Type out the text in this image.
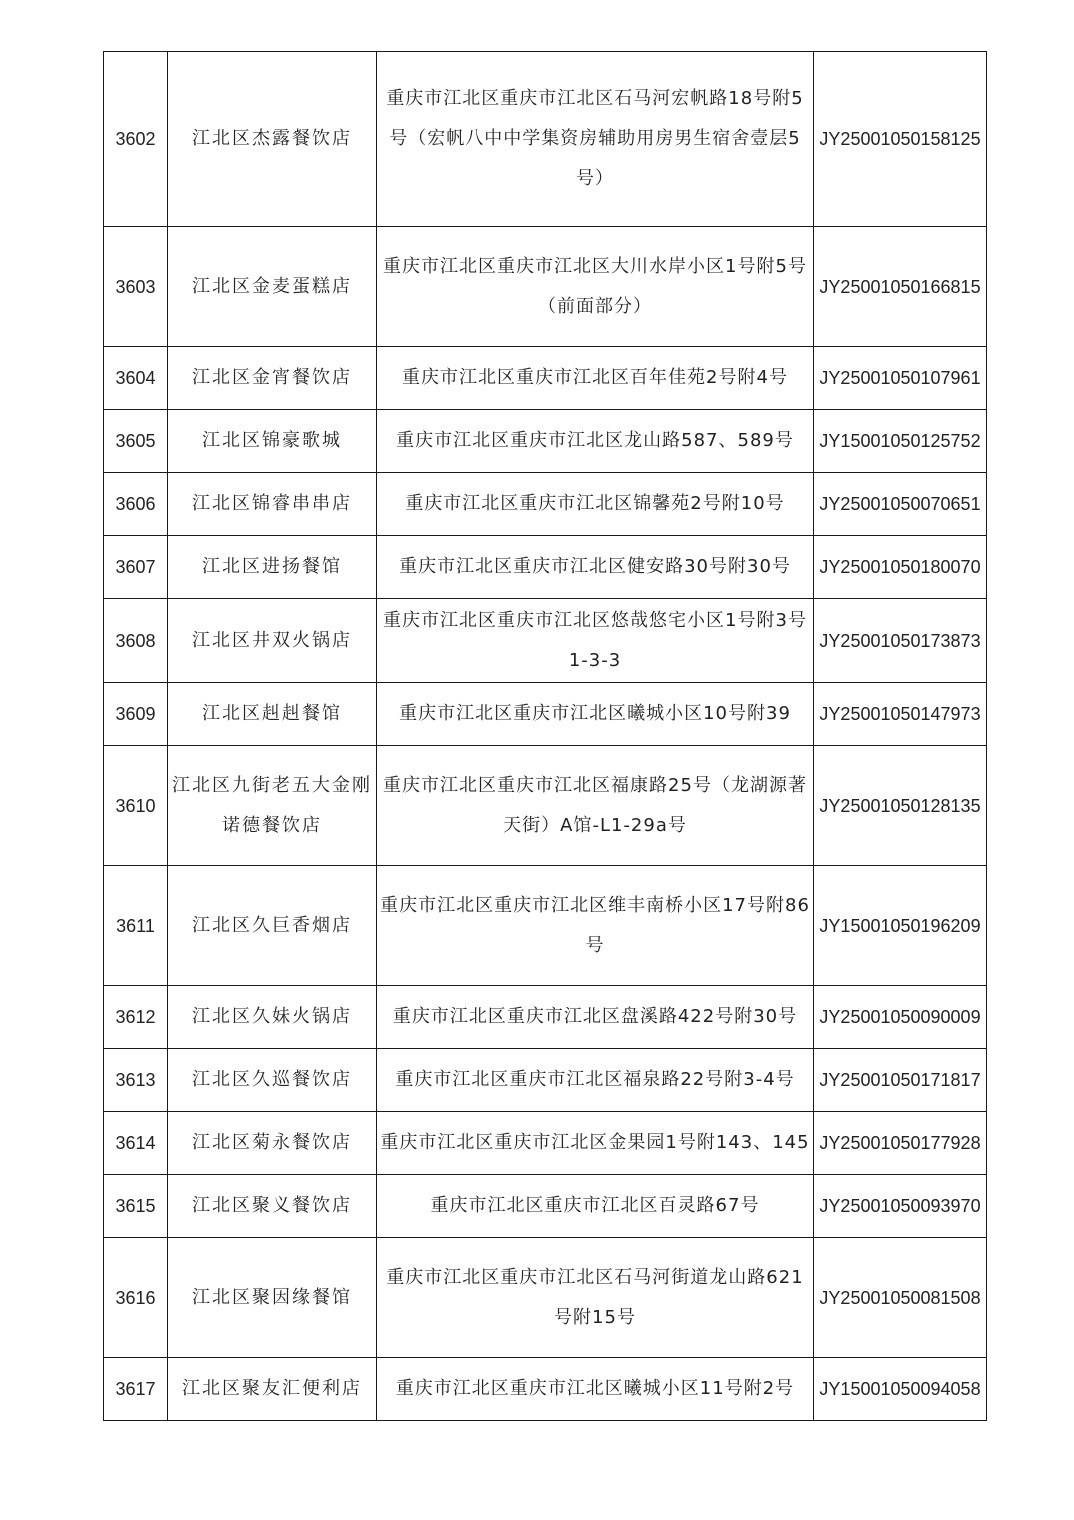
3602	江北区杰露餐饮店	重庆市江北区重庆市江北区石马河宏帆路18号附5号（宏帆八中中学集资房辅助用房男生宿舍壹层5号）	JY25001050158125
3603	江北区金麦蛋糕店	重庆市江北区重庆市江北区大川水岸小区1号附5号（前面部分）	JY25001050166815
3604	江北区金宵餐饮店	重庆市江北区重庆市江北区百年佳苑2号附4号	JY25001050107961
3605	江北区锦豪歌城	重庆市江北区重庆市江北区龙山路587、589号	JY15001050125752
3606	江北区锦睿串串店	重庆市江北区重庆市江北区锦馨苑2号附10号	JY25001050070651
3607	江北区进扬餐馆	重庆市江北区重庆市江北区健安路30号附30号	JY25001050180070
3608	江北区井双火锅店	重庆市江北区重庆市江北区悠哉悠宅小区1号附3号1-3-3	JY25001050173873
3609	江北区赳赳餐馆	重庆市江北区重庆市江北区曦城小区10号附39	JY25001050147973
3610	江北区九街老五大金刚诺德餐饮店	重庆市江北区重庆市江北区福康路25号（龙湖源著天街）A馆-L1-29a号	JY25001050128135
3611	江北区久巨香烟店	重庆市江北区重庆市江北区维丰南桥小区17号附86号	JY15001050196209
3612	江北区久妹火锅店	重庆市江北区重庆市江北区盘溪路422号附30号	JY25001050090009
3613	江北区久巡餐饮店	重庆市江北区重庆市江北区福泉路22号附3-4号	JY25001050171817
3614	江北区菊永餐饮店	重庆市江北区重庆市江北区金果园1号附143、145	JY25001050177928
3615	江北区聚义餐饮店	重庆市江北区重庆市江北区百灵路67号	JY25001050093970
3616	江北区聚因缘餐馆	重庆市江北区重庆市江北区石马河街道龙山路621号附15号	JY25001050081508
3617	江北区聚友汇便利店	重庆市江北区重庆市江北区曦城小区11号附2号	JY15001050094058
